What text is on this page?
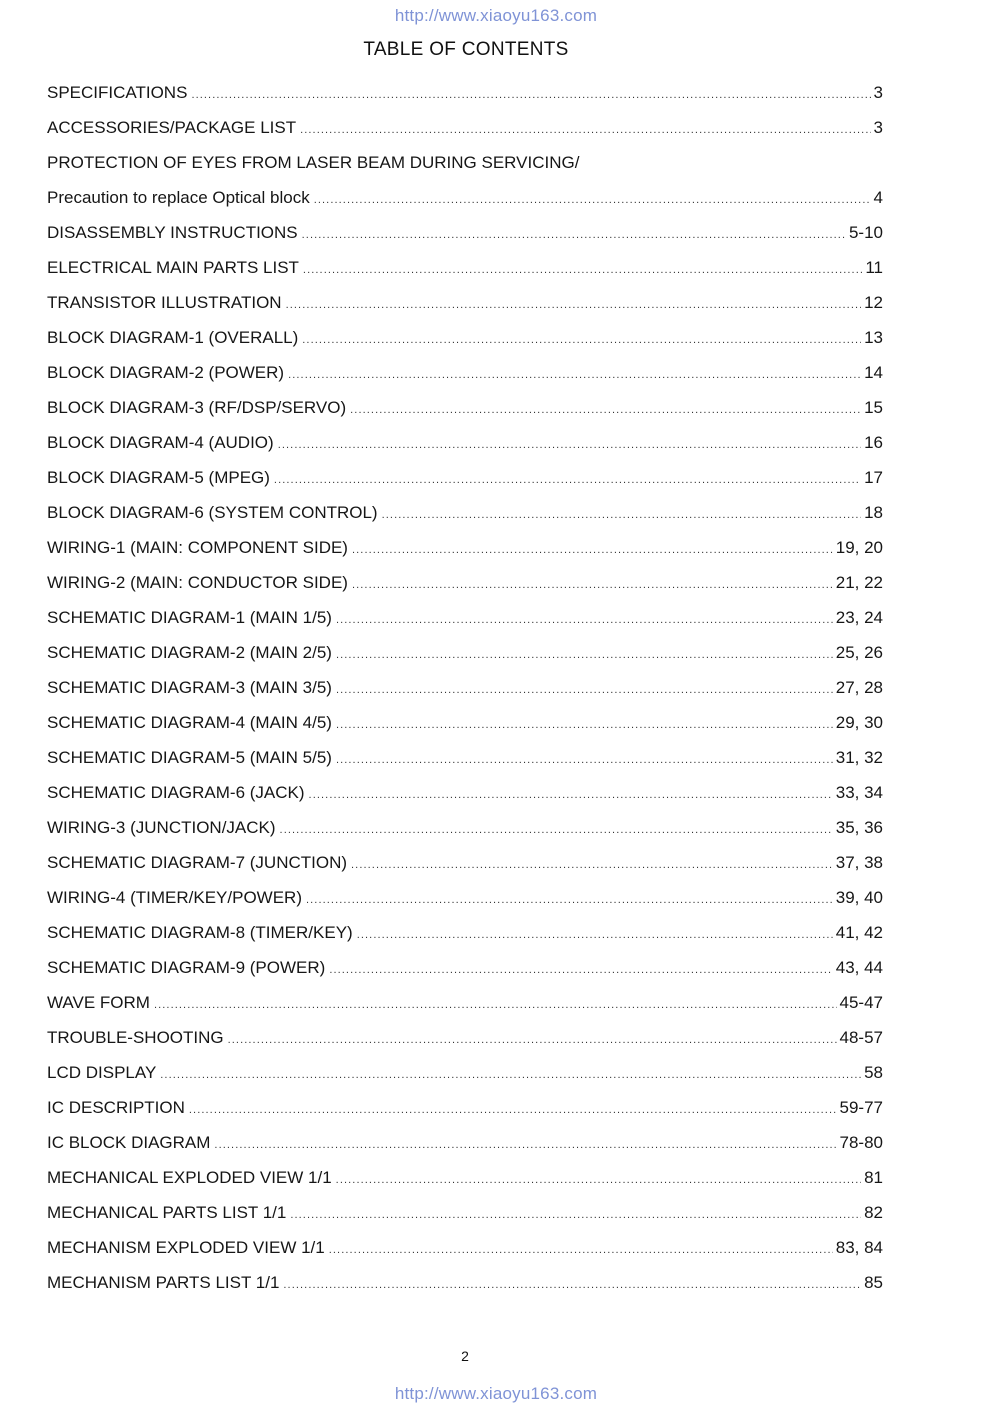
http://www.xiaoyu163.com
TABLE OF CONTENTS
SPECIFICATIONS .....	3
ACCESSORIES/PACKAGE LIST .....	3
PROTECTION OF EYES FROM LASER BEAM DURING SERVICING/
Precaution to replace Optical block .....	4
DISASSEMBLY INSTRUCTIONS .....	5-10
ELECTRICAL MAIN PARTS LIST .....	11
TRANSISTOR ILLUSTRATION .....	12
BLOCK DIAGRAM-1 (OVERALL) .....	13
BLOCK DIAGRAM-2 (POWER) .....	14
BLOCK DIAGRAM-3 (RF/DSP/SERVO) .....	15
BLOCK DIAGRAM-4 (AUDIO) .....	16
BLOCK DIAGRAM-5 (MPEG) .....	17
BLOCK DIAGRAM-6 (SYSTEM CONTROL) .....	18
WIRING-1 (MAIN: COMPONENT SIDE) .....	19, 20
WIRING-2 (MAIN: CONDUCTOR SIDE) .....	21, 22
SCHEMATIC DIAGRAM-1 (MAIN 1/5) .....	23, 24
SCHEMATIC DIAGRAM-2 (MAIN 2/5) .....	25, 26
SCHEMATIC DIAGRAM-3 (MAIN 3/5) .....	27, 28
SCHEMATIC DIAGRAM-4 (MAIN 4/5) .....	29, 30
SCHEMATIC DIAGRAM-5 (MAIN 5/5) .....	31, 32
SCHEMATIC DIAGRAM-6 (JACK) .....	33, 34
WIRING-3 (JUNCTION/JACK) .....	35, 36
SCHEMATIC DIAGRAM-7 (JUNCTION) .....	37, 38
WIRING-4 (TIMER/KEY/POWER) .....	39, 40
SCHEMATIC DIAGRAM-8 (TIMER/KEY) .....	41, 42
SCHEMATIC DIAGRAM-9 (POWER) .....	43, 44
WAVE FORM .....	45-47
TROUBLE-SHOOTING .....	48-57
LCD DISPLAY .....	58
IC DESCRIPTION .....	59-77
IC BLOCK DIAGRAM .....	78-80
MECHANICAL EXPLODED VIEW 1/1 .....	81
MECHANICAL PARTS LIST 1/1 .....	82
MECHANISM EXPLODED VIEW 1/1 .....	83, 84
MECHANISM PARTS LIST 1/1 .....	85
2
http://www.xiaoyu163.com
